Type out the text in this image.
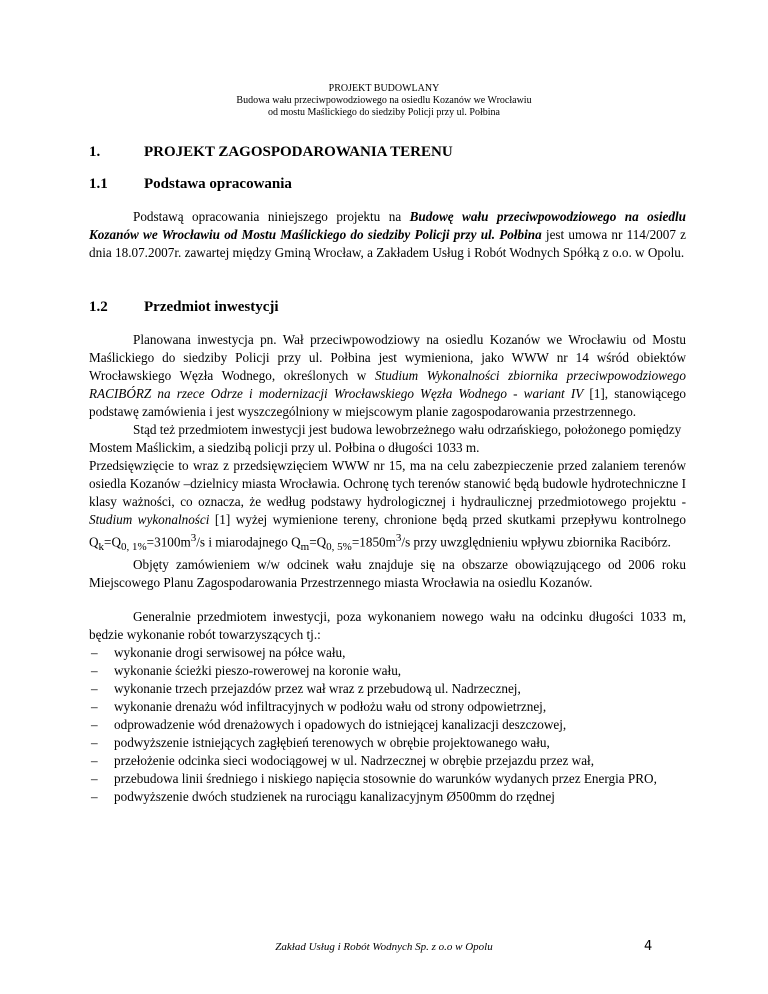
PROJEKT BUDOWLANY
Budowa wału przeciwpowodziowego na osiedlu Kozanów we Wrocławiu
od mostu Maślickiego do siedziby Policji przy ul. Połbina
1.	PROJEKT ZAGOSPODAROWANIA TERENU
1.1 Podstawa opracowania

Podstawą opracowania niniejszego projektu na Budowę wału przeciwpowodziowego na osiedlu Kozanów we Wrocławiu od Mostu Maślickiego do siedziby Policji przy ul. Połbina jest umowa nr 114/2007 z dnia 18.07.2007r. zawartej między Gminą Wrocław, a Zakładem Usług i Robót Wodnych Spółką z o.o. w Opolu.

1.2 Przedmiot inwestycji

Planowana inwestycja pn. Wał przeciwpowodziowy na osiedlu Kozanów we Wrocławiu od Mostu Maślickiego do siedziby Policji przy ul. Połbina jest wymieniona, jako WWW nr 14 wśród obiektów Wrocławskiego Węzła Wodnego, określonych w Studium Wykonalności zbiornika przeciwpowodziowego RACIBÓRZ na rzece Odrze i modernizacji Wrocławskiego Węzła Wodnego - wariant IV [1], stanowiącego podstawę zamówienia i jest wyszczególniony w miejscowym planie zagospodarowania przestrzennego.

Stąd też przedmiotem inwestycji jest budowa lewobrzeżnego wału odrzańskiego, położonego pomiędzy Mostem Maślickim, a siedzibą policji przy ul. Połbina o długości 1033 m.

Przedsięwzięcie to wraz z przedsięwzięciem WWW nr 15, ma na celu zabezpieczenie przed zalaniem terenów osiedla Kozanów –dzielnicy miasta Wrocławia. Ochronę tych terenów stanowić będą budowle hydrotechniczne I klasy ważności, co oznacza, że według podstawy hydrologicznej i hydraulicznej przedmiotowego projektu - Studium wykonalności [1] wyżej wymienione tereny, chronione będą przed skutkami przepływu kontrolnego $Q_k=Q_{0, 1\%}=3100m^3/s$ i miarodajnego $Q_m=Q_{0, 5\%}=1850m^3/s$ przy uwzględnieniu wpływu zbiornika Racibórz.

Objęty zamówieniem w/w odcinek wału znajduje się na obszarze obowiązującego od 2006 roku Miejscowego Planu Zagospodarowania Przestrzennego miasta Wrocławia na osiedlu Kozanów.

Generalnie przedmiotem inwestycji, poza wykonaniem nowego wału na odcinku długości 1033 m, będzie wykonanie robót towarzyszących tj.:

– wykonanie drogi serwisowej na półce wału,
– wykonanie ścieżki pieszo-rowerowej na koronie wału,
– wykonanie trzech przejazdów przez wał wraz z przebudową ul. Nadrzecznej,
– wykonanie drenażu wód infiltracyjnych w podłożu wału od strony odpowietrznej,
– odprowadzenie wód drenażowych i opadowych do istniejącej kanalizacji deszczowej,
– podwyższenie istniejących zagłębień terenowych w obrębie projektowanego wału,
– przełożenie odcinka sieci wodociągowej w ul. Nadrzecznej w obrębie przejazdu przez wał,
– przebudowa linii średniego i niskiego napięcia stosownie do warunków wydanych przez Energia PRO,
– podwyższenie dwóch studzienek na rurociągu kanalizacyjnym Ø500mm do rzędnej
Zakład Usług i Robót Wodnych Sp. z o.o w Opolu	4
